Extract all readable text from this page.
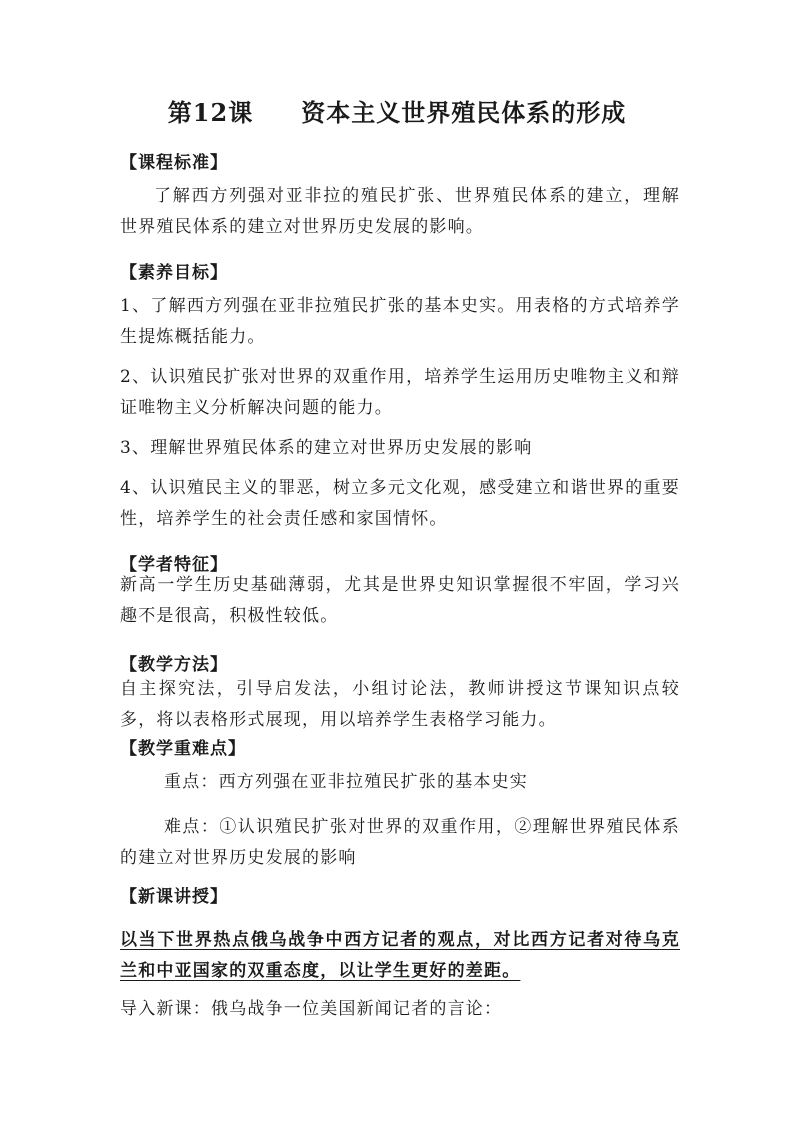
第12课 资本主义世界殖民体系的形成
【课程标准】
了解西方列强对亚非拉的殖民扩张、世界殖民体系的建立，理解世界殖民体系的建立对世界历史发展的影响。
【素养目标】
1、了解西方列强在亚非拉殖民扩张的基本史实。用表格的方式培养学生提炼概括能力。
2、认识殖民扩张对世界的双重作用，培养学生运用历史唯物主义和辩证唯物主义分析解决问题的能力。
3、理解世界殖民体系的建立对世界历史发展的影响
4、认识殖民主义的罪恶，树立多元文化观，感受建立和谐世界的重要性，培养学生的社会责任感和家国情怀。
【学者特征】
新高一学生历史基础薄弱，尤其是世界史知识掌握很不牢固，学习兴趣不是很高，积极性较低。
【教学方法】
自主探究法，引导启发法，小组讨论法，教师讲授这节课知识点较多，将以表格形式展现，用以培养学生表格学习能力。
【教学重难点】
重点：西方列强在亚非拉殖民扩张的基本史实
难点：①认识殖民扩张对世界的双重作用，②理解世界殖民体系的建立对世界历史发展的影响
【新课讲授】
以当下世界热点俄乌战争中西方记者的观点，对比西方记者对待乌克兰和中亚国家的双重态度，以让学生更好的差距。
导入新课：俄乌战争一位美国新闻记者的言论：
